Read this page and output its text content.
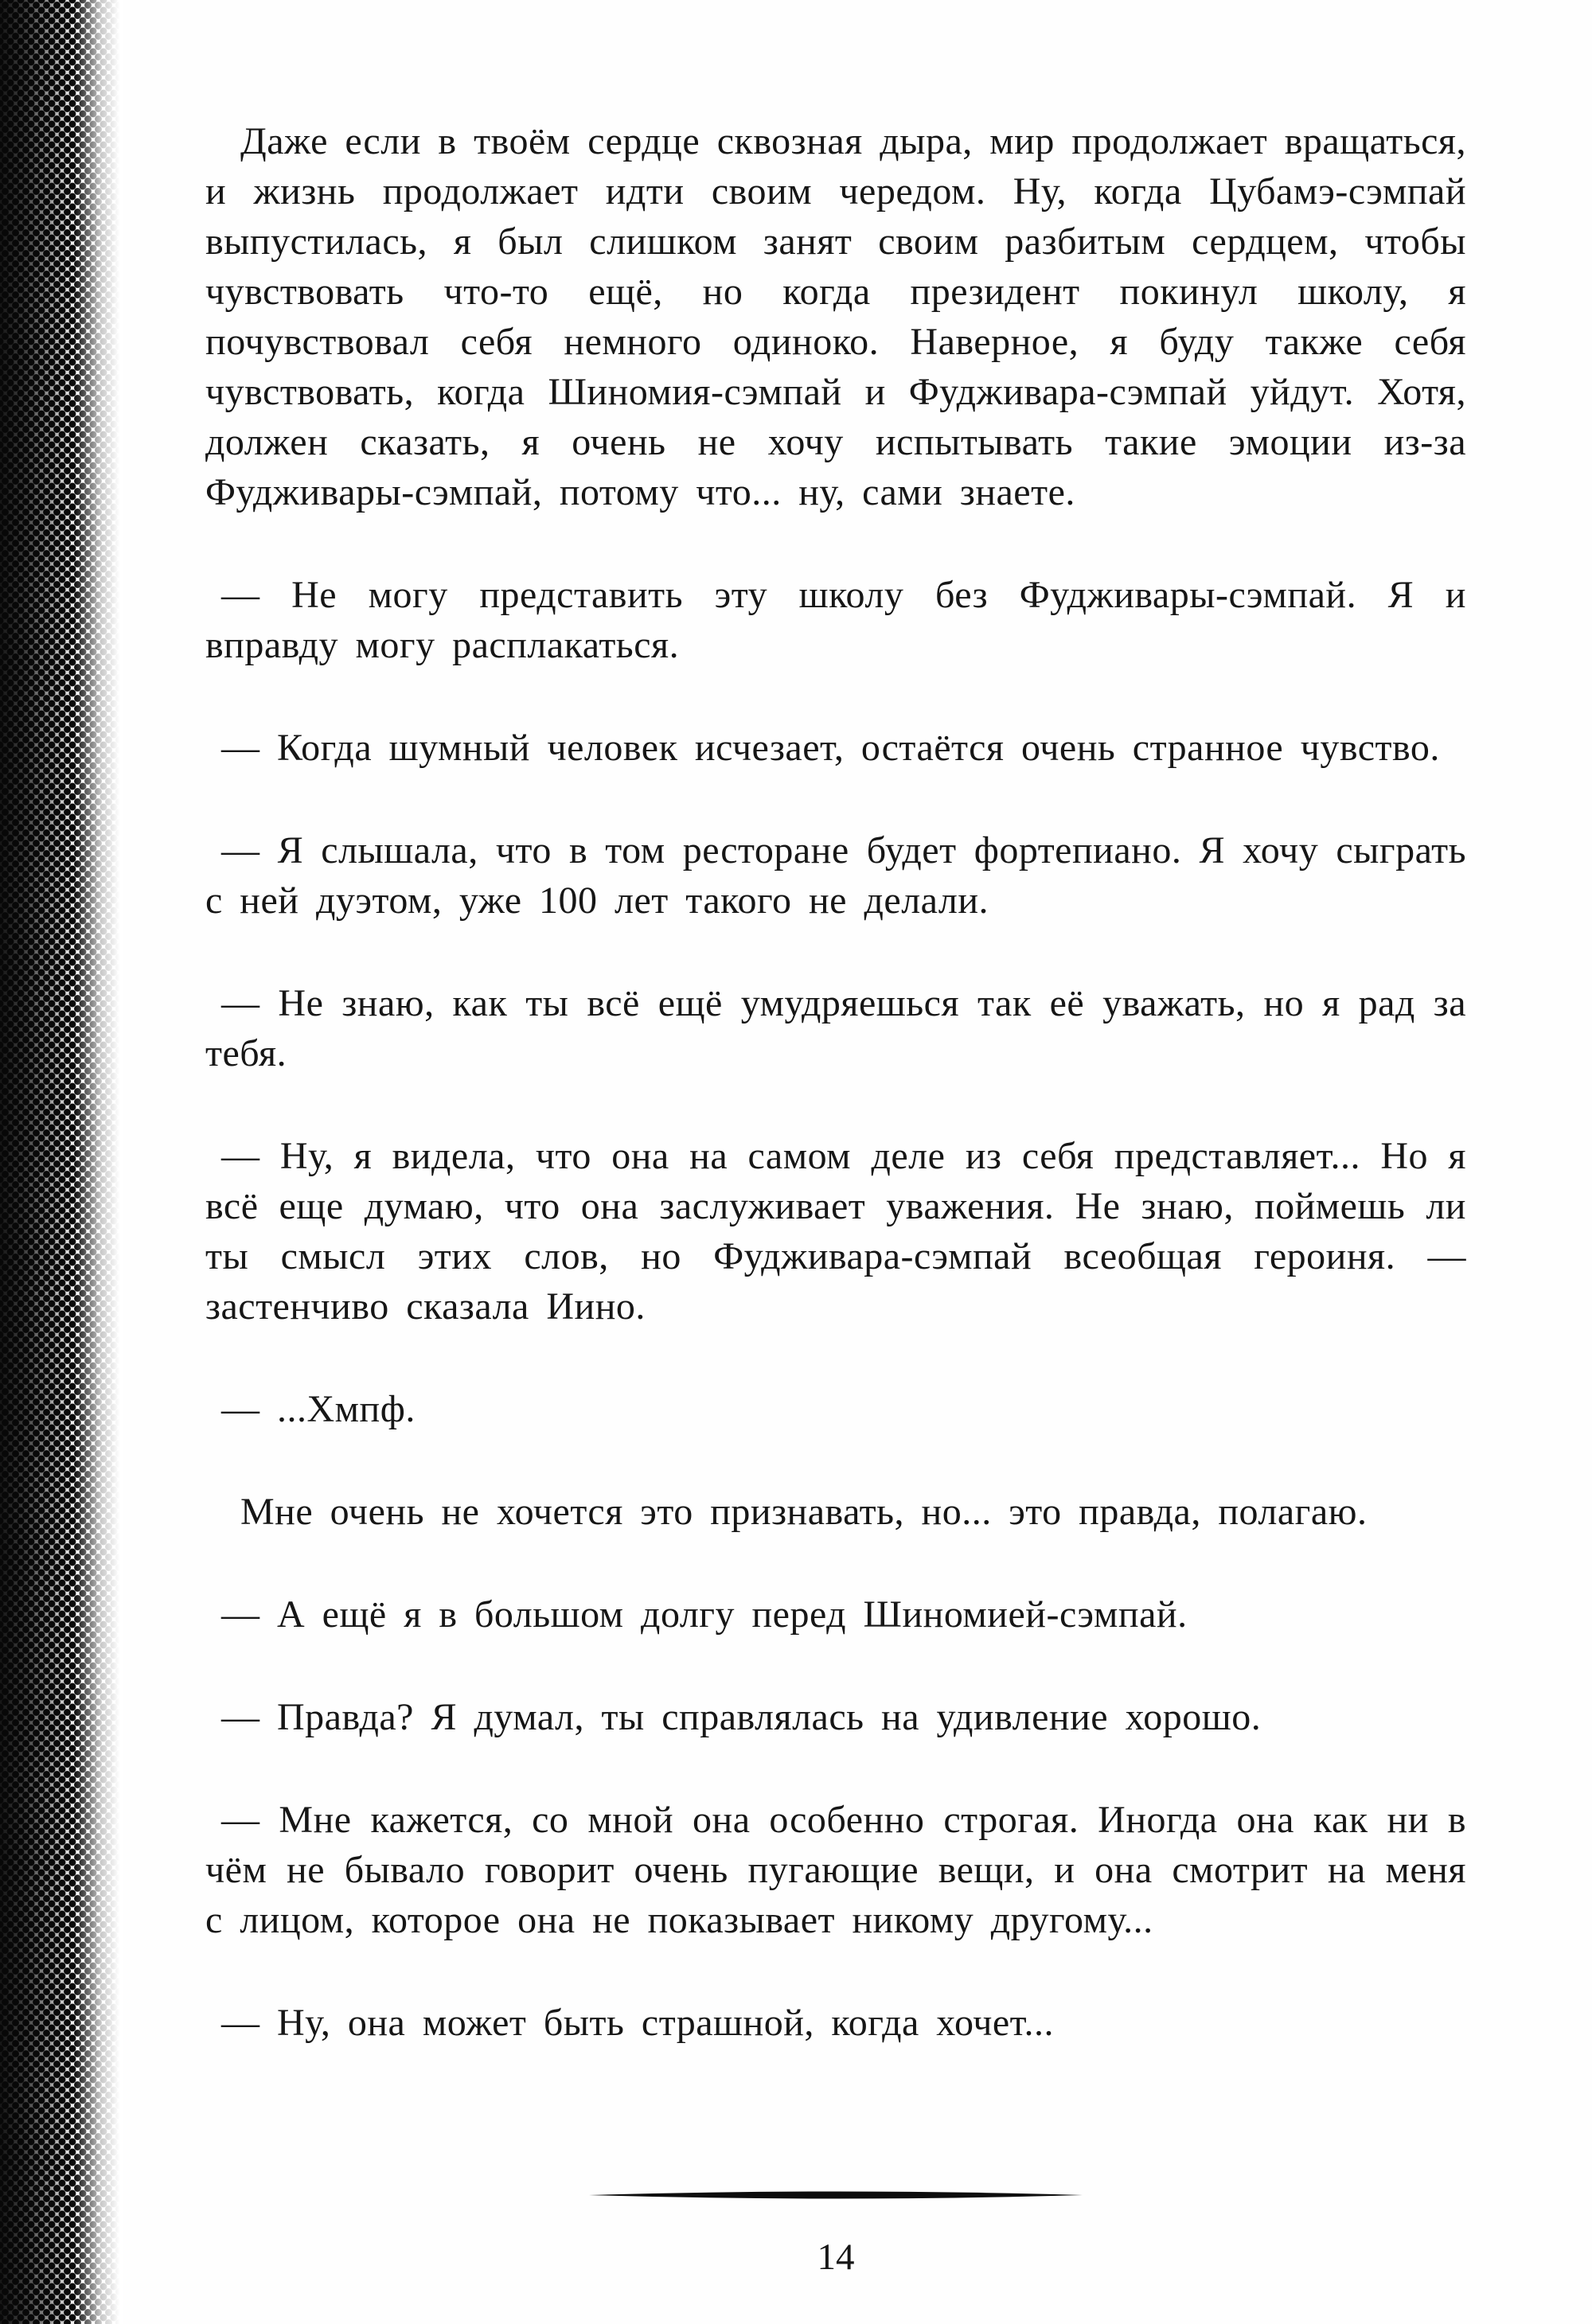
Даже если в твоём сердце сквозная дыра, мир продолжает вращаться, и жизнь продолжает идти своим чередом. Ну, когда Цубамэ-сэмпай выпустилась, я был слишком занят своим разбитым сердцем, чтобы чувствовать что-то ещё, но когда президент покинул школу, я почувствовал себя немного одиноко. Наверное, я буду также себя чувствовать, когда Шиномия-сэмпай и Фудживара-сэмпай уйдут. Хотя, должен сказать, я очень не хочу испытывать такие эмоции из-за Фудживары-сэмпай, потому что... ну, сами знаете.

— Не могу представить эту школу без Фудживары-сэмпай. Я и вправду могу расплакаться.

— Когда шумный человек исчезает, остаётся очень странное чувство.

— Я слышала, что в том ресторане будет фортепиано. Я хочу сыграть с ней дуэтом, уже 100 лет такого не делали.

— Не знаю, как ты всё ещё умудряешься так её уважать, но я рад за тебя.

— Ну, я видела, что она на самом деле из себя представляет... Но я всё еще думаю, что она заслуживает уважения. Не знаю, поймешь ли ты смысл этих слов, но Фудживара-сэмпай всеобщая героиня. — застенчиво сказала Иино.

— ...Хмпф.

Мне очень не хочется это признавать, но... это правда, полагаю.

— А ещё я в большом долгу перед Шиномией-сэмпай.

— Правда? Я думал, ты справлялась на удивление хорошо.

— Мне кажется, со мной она особенно строгая. Иногда она как ни в чём не бывало говорит очень пугающие вещи, и она смотрит на меня с лицом, которое она не показывает никому другому...

— Ну, она может быть страшной, когда хочет...

14
